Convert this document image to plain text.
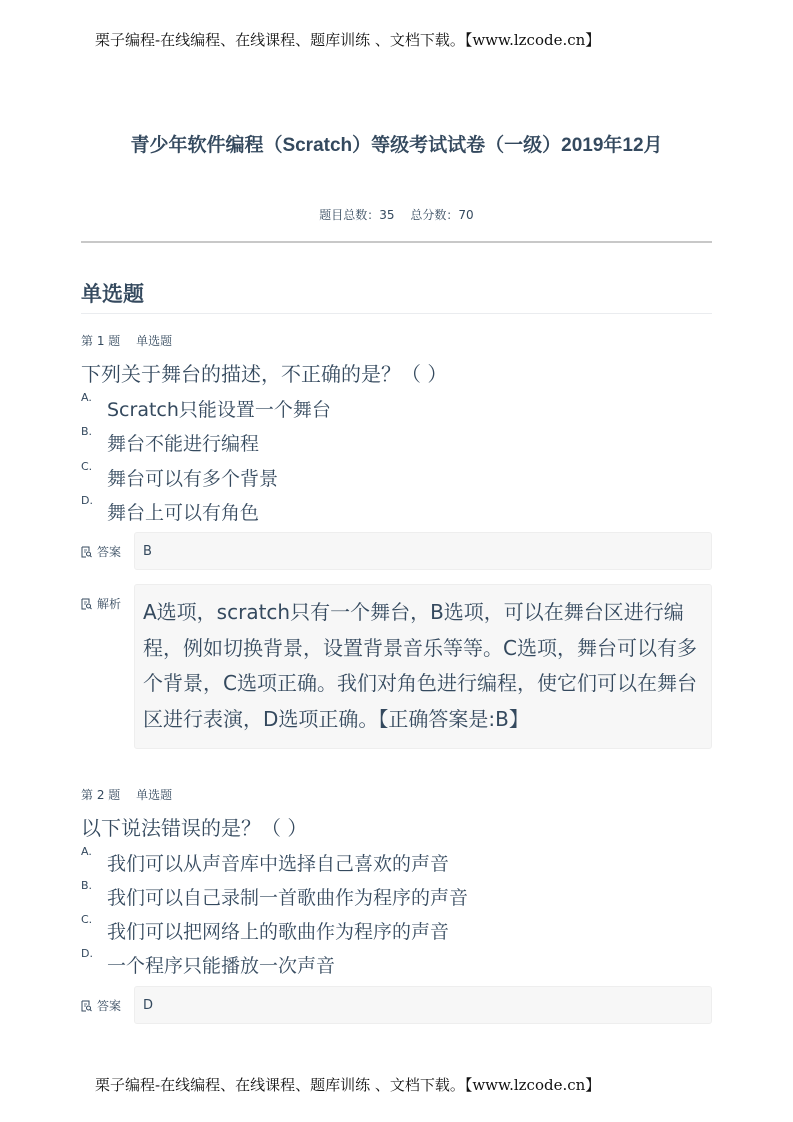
栗子编程-在线编程、在线课程、题库训练 、文档下载。【www.lzcode.cn】
青少年软件编程（Scratch）等级考试试卷（一级）2019年12月
题目总数：35 总分数：70
单选题
第 1 题 单选题
下列关于舞台的描述，不正确的是？（ ）
A.
Scratch只能设置一个舞台
B.
舞台不能进行编程
C.
舞台可以有多个背景
D.
舞台上可以有角色
答案	B
解析	A选项，scratch只有一个舞台，B选项，可以在舞台区进行编程，例如切换背景，设置背景音乐等等。C选项，舞台可以有多个背景，C选项正确。我们对角色进行编程，使它们可以在舞台区进行表演，D选项正确。【正确答案是:B】
第 2 题 单选题
以下说法错误的是？（ ）
A.
我们可以从声音库中选择自己喜欢的声音
B.
我们可以自己录制一首歌曲作为程序的声音
C.
我们可以把网络上的歌曲作为程序的声音
D.
一个程序只能播放一次声音
答案	D
栗子编程-在线编程、在线课程、题库训练 、文档下载。【www.lzcode.cn】
